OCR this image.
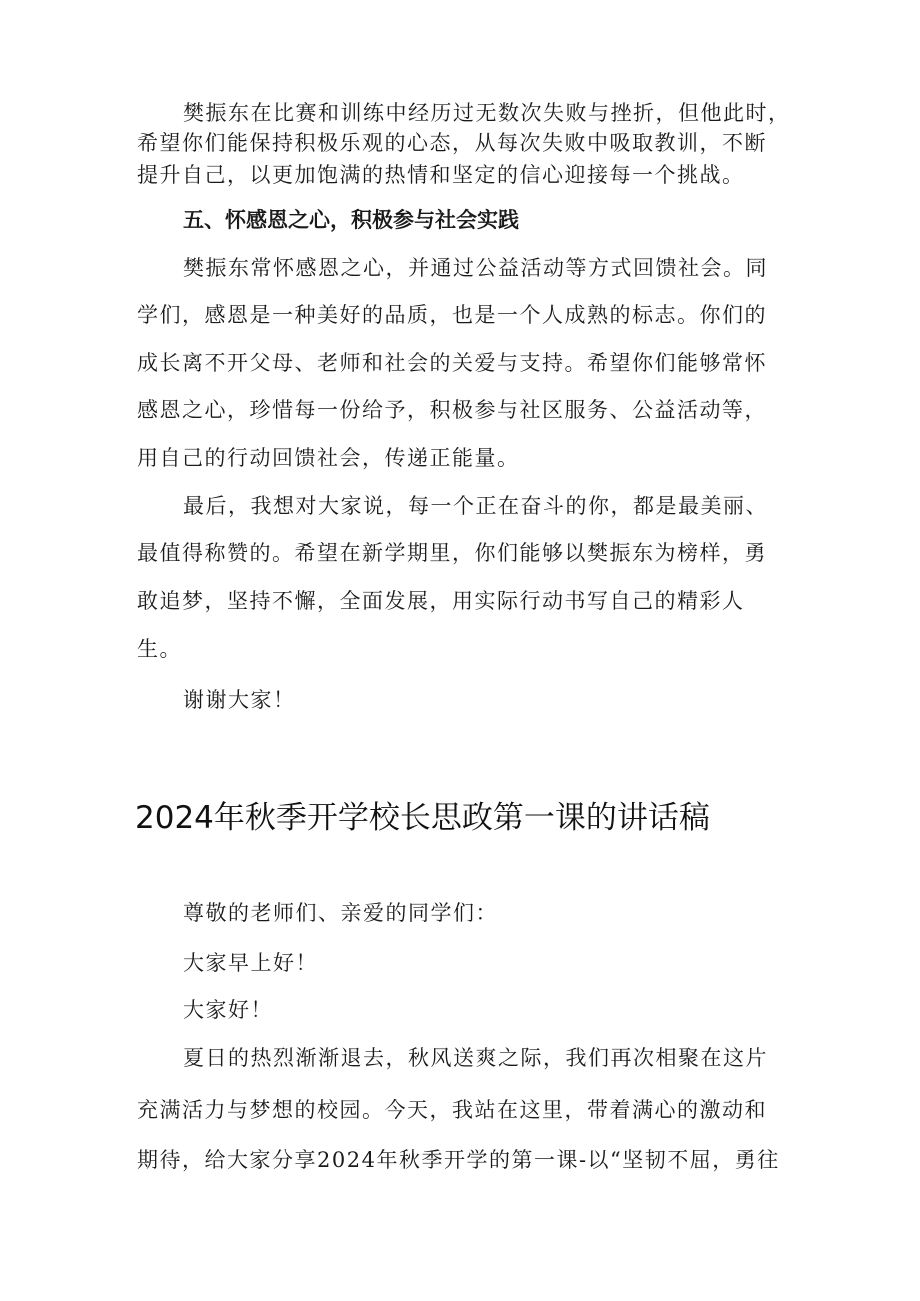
樊振东在比赛和训练中经历过无数次失败与挫折，但他此时，
希望你们能保持积极乐观的心态，从每次失败中吸取教训，不断
提升自己，以更加饱满的热情和坚定的信心迎接每一个挑战。
五、怀感恩之心，积极参与社会实践
樊振东常怀感恩之心，并通过公益活动等方式回馈社会。同
学们，感恩是一种美好的品质，也是一个人成熟的标志。你们的
成长离不开父母、老师和社会的关爱与支持。希望你们能够常怀
感恩之心，珍惜每一份给予，积极参与社区服务、公益活动等，
用自己的行动回馈社会，传递正能量。
最后，我想对大家说，每一个正在奋斗的你，都是最美丽、
最值得称赞的。希望在新学期里，你们能够以樊振东为榜样，勇
敢追梦，坚持不懈，全面发展，用实际行动书写自己的精彩人
生。
谢谢大家！
2024年秋季开学校长思政第一课的讲话稿
尊敬的老师们、亲爱的同学们：
大家早上好！
大家好！
夏日的热烈渐渐退去，秋风送爽之际，我们再次相聚在这片
充满活力与梦想的校园。今天，我站在这里，带着满心的激动和
期待，给大家分享2024年秋季开学的第一课-以“坚韧不屈，勇往
